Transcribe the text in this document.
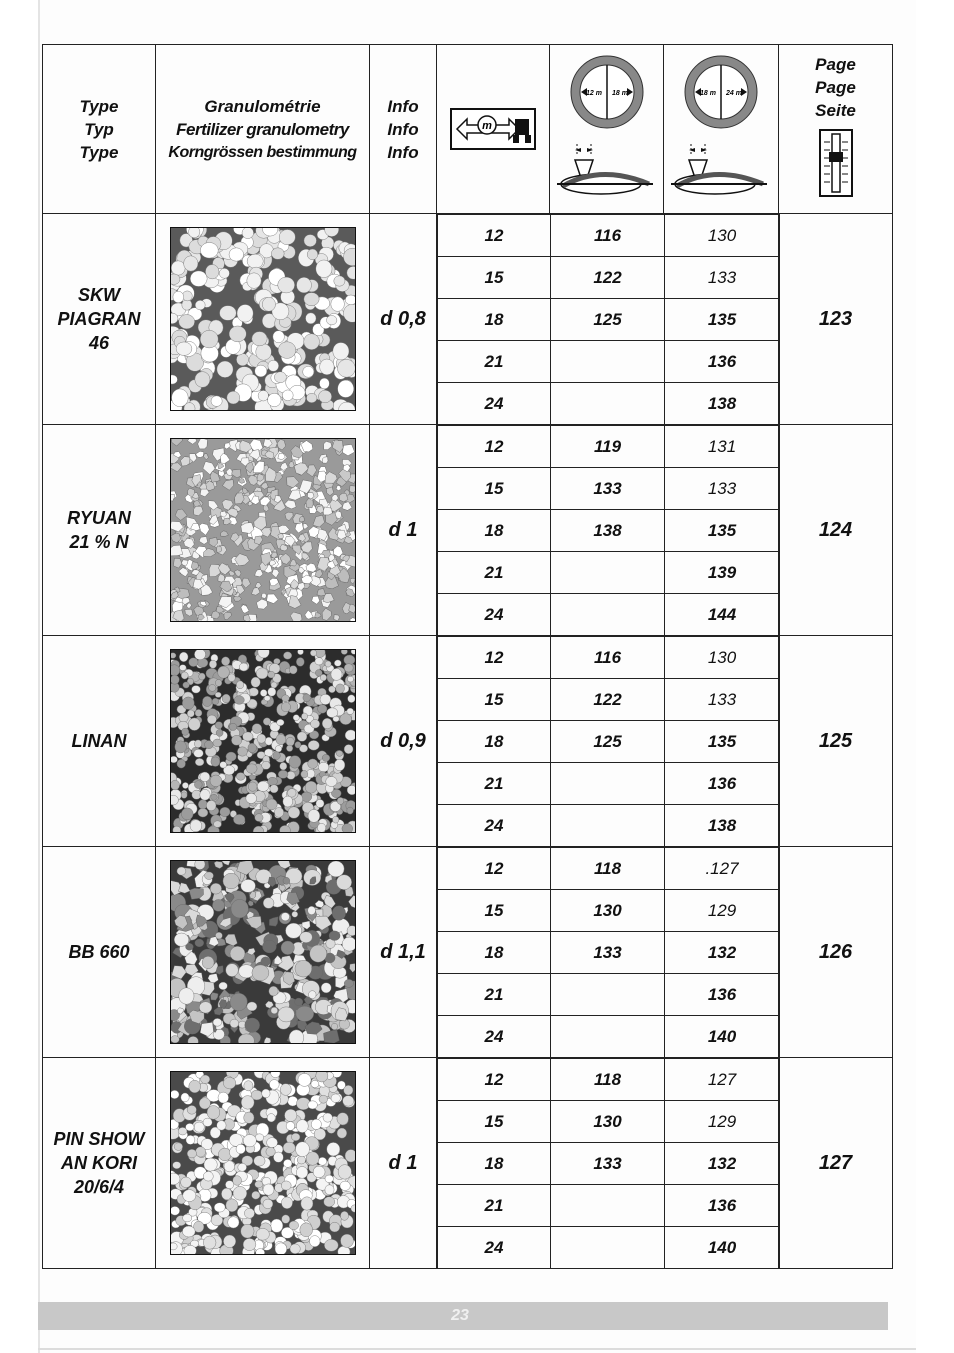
Type
Typ
Type

Granulométrie
Fertilizer granulometry
Korngrössen bestimmung

Info
Info
Info

m

12 m 18 m	18 m 24 m

Page
Page
Seite

SKW
PIAGRAN
46

	d 0,8	
12	116	130
15	122	133
18	125	135
21		136
24		138
	123

RYUAN
21 % N

	d 1	
12	119	131
15	133	133
18	138	135
21		139
24		144
	124

LINAN		d 0,9	
12	116	130
15	122	133
18	125	135
21		136
24		138
	125

BB 660		d 1,1	
12	118	.127
15	130	129
18	133	132
21		136
24		140
	126

PIN SHOW
AN KORI
20/6/4

	d 1	
12	118	127
15	130	129
18	133	132
21		136
24		140
	127
23
